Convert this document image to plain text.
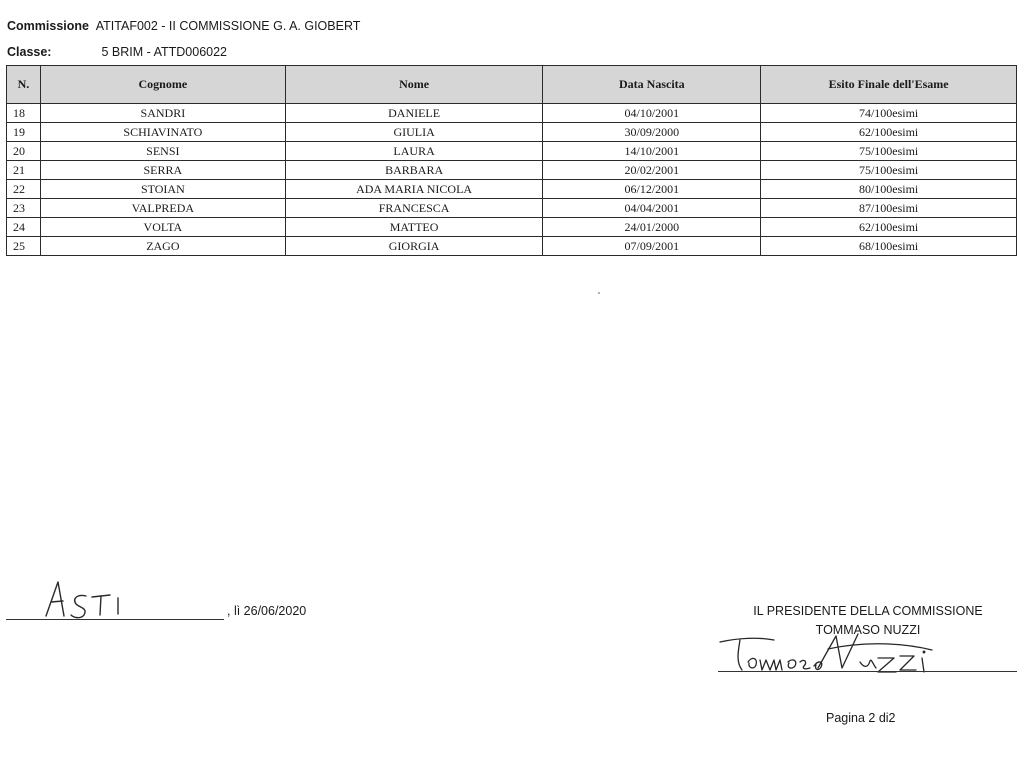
Commissione ATITAF002 - II COMMISSIONE G. A. GIOBERT
Classe:	5 BRIM - ATTD006022
N.	Cognome	Nome	Data Nascita	Esito Finale dell'Esame
18	SANDRI	DANIELE	04/10/2001	74/100esimi
19	SCHIAVINATO	GIULIA	30/09/2000	62/100esimi
20	SENSI	LAURA	14/10/2001	75/100esimi
21	SERRA	BARBARA	20/02/2001	75/100esimi
22	STOIAN	ADA MARIA NICOLA	06/12/2001	80/100esimi
23	VALPREDA	FRANCESCA	04/04/2001	87/100esimi
24	VOLTA	MATTEO	24/01/2000	62/100esimi
25	ZAGO	GIORGIA	07/09/2001	68/100esimi
, lì 26/06/2020	IL PRESIDENTE DELLA COMMISSIONE
TOMMASO NUZZI
Pagina 2 di2
